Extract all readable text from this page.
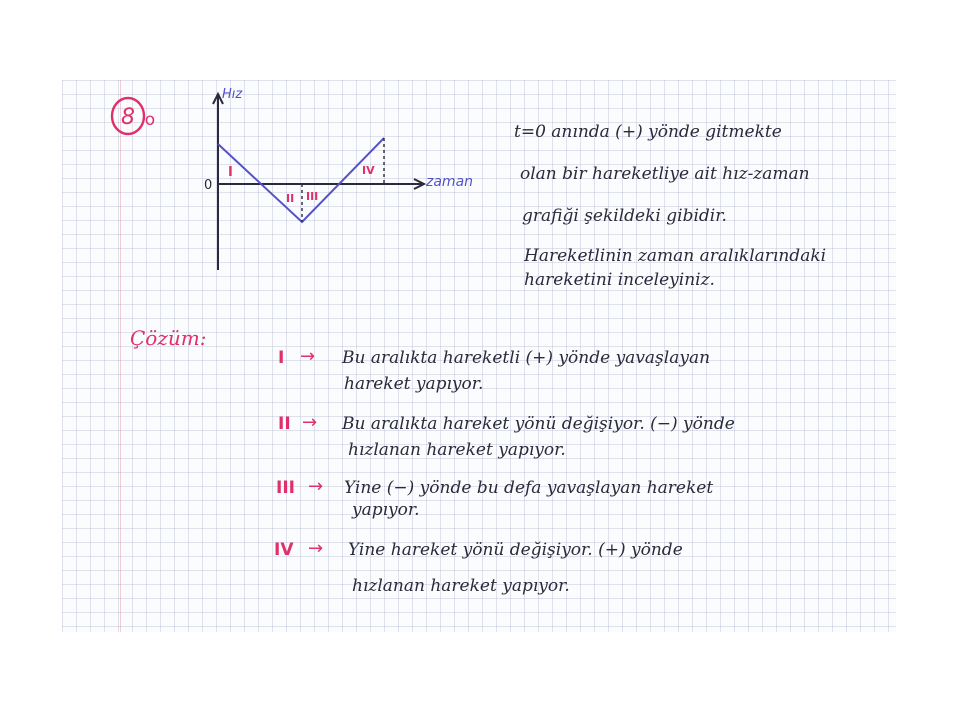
8 o
Hız
zaman
0
I
II III
IV

t=0 anında (+) yönde gitmekte

olan bir hareketliye ait hız-zaman

grafiği şekildeki gibidir.

Hareketlinin zaman aralıklarındaki

hareketini inceleyiniz.

Çözüm:

I → Bu aralıkta hareketli (+) yönde yavaşlayan
hareket yapıyor.
II → Bu aralıkta hareket yönü değişiyor. (−) yönde
hızlanan hareket yapıyor.
III → Yine (−) yönde bu defa yavaşlayan hareket
yapıyor.
IV → Yine hareket yönü değişiyor. (+) yönde
hızlanan hareket yapıyor.
